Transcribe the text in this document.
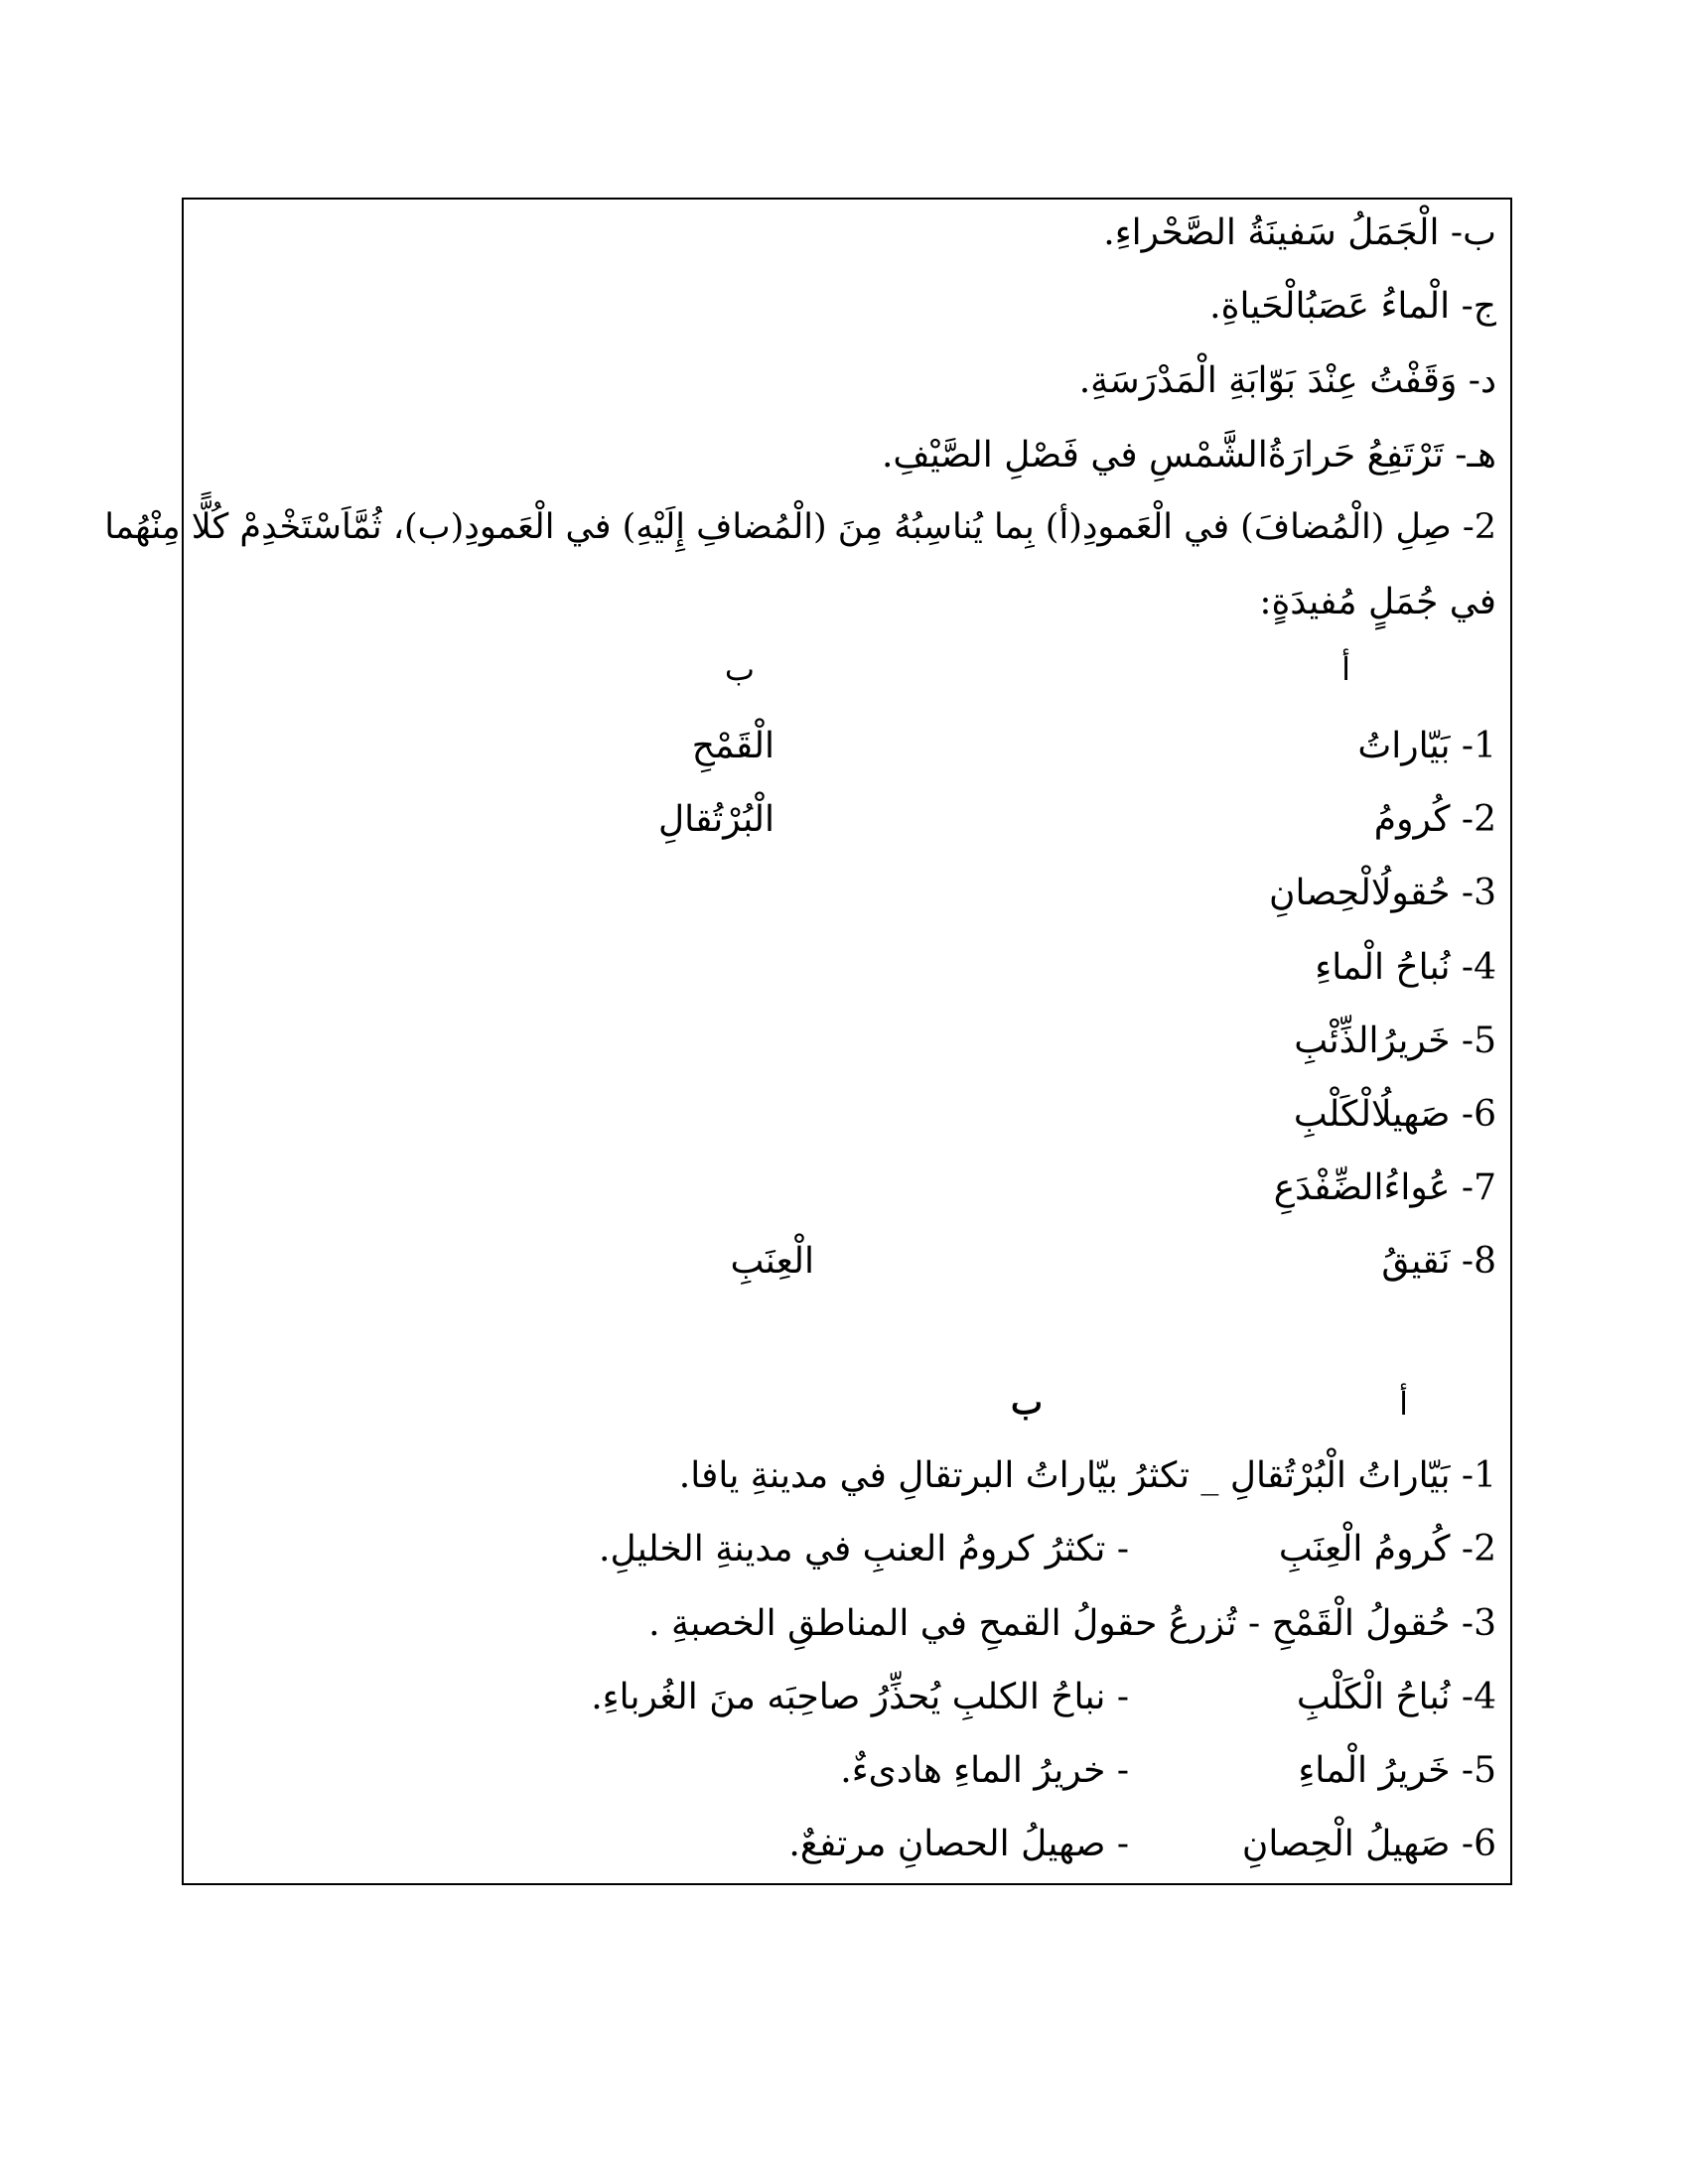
ب- الْجَمَلُ سَفينَةُ الصَّحْراءِ.
ج- الْماءُ عَصَبُالْحَياةِ.
د- وَقَفْتُ عِنْدَ بَوّابَةِ الْمَدْرَسَةِ.
هـ- تَرْتَفِعُ حَرارَةُالشَّمْسِ في فَصْلِ الصَّيْفِ.
2- صِلِ (الْمُضافَ) في الْعَمودِ(أ) بِما يُناسِبُهُ مِنَ (الْمُضافِ إِلَيْهِ) في الْعَمودِ(ب)، ثُمَّاَسْتَخْدِمْ كُلًّا مِنْهُما
في جُمَلٍ مُفيدَةٍ:
أ
ب
1- بَيّاراتُ
2- كُرومُ
3- حُقولُالْحِصانِ
4- نُباحُ الْماءِ
5- خَريرُالذِّئْبِ
6- صَهيلُالْكَلْبِ
7- عُواءُالضِّفْدَعِ
8- نَقيقُ
الْقَمْحِ
الْبُرْتُقالِ
الْعِنَبِ
أ
ب
1- بَيّاراتُ الْبُرْتُقالِ _ تكثرُ بيّاراتُ البرتقالِ في مدينةِ يافا.
2- كُرومُ الْعِنَبِ
- تكثرُ كرومُ العنبِ في مدينةِ الخليلِ.
3- حُقولُ الْقَمْحِ - تُزرعُ حقولُ القمحِ في المناطقِ الخصبةِ .
4- نُباحُ الْكَلْبِ
- نباحُ الكلبِ يُحذِّرُ صاحِبَه منَ الغُرباءِ.
5- خَريرُ الْماءِ
- خريرُ الماءِ هادىءٌ.
6- صَهيلُ الْحِصانِ
- صهيلُ الحصانِ مرتفعٌ.
